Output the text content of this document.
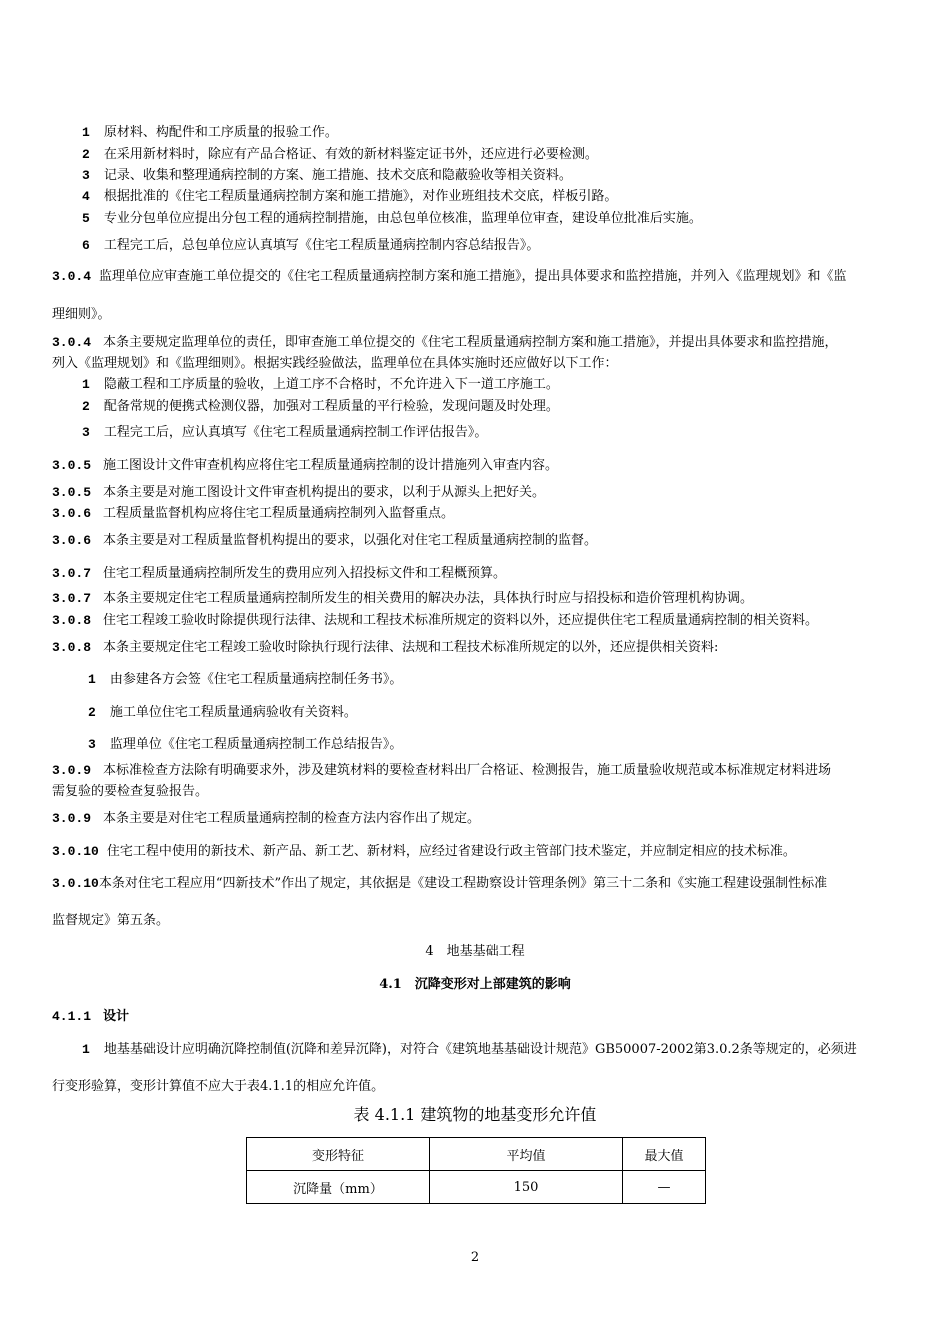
1 原材料、构配件和工序质量的报验工作。
2 在采用新材料时，除应有产品合格证、有效的新材料鉴定证书外，还应进行必要检测。
3 记录、收集和整理通病控制的方案、施工措施、技术交底和隐蔽验收等相关资料。
4 根据批准的《住宅工程质量通病控制方案和施工措施》，对作业班组技术交底，样板引路。
5 专业分包单位应提出分包工程的通病控制措施，由总包单位核准，监理单位审查，建设单位批准后实施。
6 工程完工后，总包单位应认真填写《住宅工程质量通病控制内容总结报告》。
3.0.4 监理单位应审查施工单位提交的《住宅工程质量通病控制方案和施工措施》，提出具体要求和监控措施，并列入《监理规划》和《监
理细则》。
3.0.4 本条主要规定监理单位的责任，即审查施工单位提交的《住宅工程质量通病控制方案和施工措施》，并提出具体要求和监控措施，
列入《监理规划》和《监理细则》。根据实践经验做法，监理单位在具体实施时还应做好以下工作：
1 隐蔽工程和工序质量的验收，上道工序不合格时，不允许进入下一道工序施工。
2 配备常规的便携式检测仪器，加强对工程质量的平行检验，发现问题及时处理。
3 工程完工后，应认真填写《住宅工程质量通病控制工作评估报告》。
3.0.5 施工图设计文件审查机构应将住宅工程质量通病控制的设计措施列入审查内容。
3.0.5 本条主要是对施工图设计文件审查机构提出的要求，以利于从源头上把好关。
3.0.6 工程质量监督机构应将住宅工程质量通病控制列入监督重点。
3.0.6 本条主要是对工程质量监督机构提出的要求，以强化对住宅工程质量通病控制的监督。
3.0.7 住宅工程质量通病控制所发生的费用应列入招投标文件和工程概预算。
3.0.7 本条主要规定住宅工程质量通病控制所发生的相关费用的解决办法，具体执行时应与招投标和造价管理机构协调。
3.0.8 住宅工程竣工验收时除提供现行法律、法规和工程技术标准所规定的资料以外，还应提供住宅工程质量通病控制的相关资料。
3.0.8 本条主要规定住宅工程竣工验收时除执行现行法律、法规和工程技术标准所规定的以外，还应提供相关资料:
1 由参建各方会签《住宅工程质量通病控制任务书》。
2 施工单位住宅工程质量通病验收有关资料。
3 监理单位《住宅工程质量通病控制工作总结报告》。
3.0.9 本标准检查方法除有明确要求外，涉及建筑材料的要检查材料出厂合格证、检测报告，施工质量验收规范或本标准规定材料进场
需复验的要检查复验报告。
3.0.9 本条主要是对住宅工程质量通病控制的检查方法内容作出了规定。
3.0.10 住宅工程中使用的新技术、新产品、新工艺、新材料，应经过省建设行政主管部门技术鉴定，并应制定相应的技术标准。
3.0.10本条对住宅工程应用“四新技术”作出了规定，其依据是《建设工程勘察设计管理条例》第三十二条和《实施工程建设强制性标准
监督规定》第五条。
4　地基基础工程
4.1　沉降变形对上部建筑的影响
4.1.1 设计
1 地基基础设计应明确沉降控制值(沉降和差异沉降)，对符合《建筑地基基础设计规范》GB50007-2002第3.0.2条等规定的，必须进
行变形验算，变形计算值不应大于表4.1.1的相应允许值。
表 4.1.1 建筑物的地基变形允许值
变形特征	平均值	最大值
沉降量（mm）	150	—
2
